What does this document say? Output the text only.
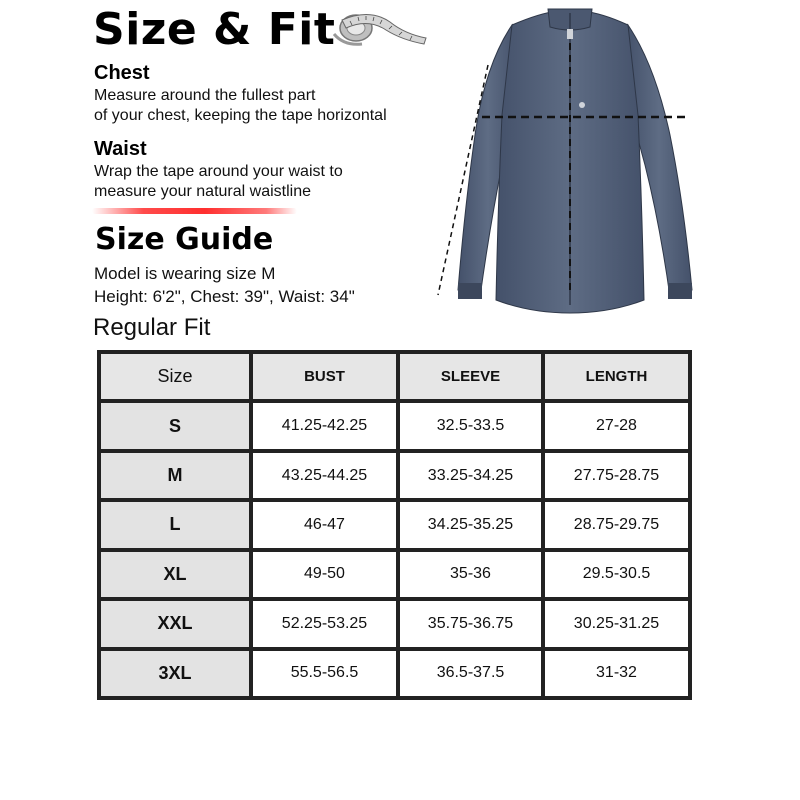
Size & Fit
Chest
Measure around the fullest part
of your chest, keeping the tape horizontal
Waist
Wrap the tape around your waist to
measure your natural waistline
Size Guide
Model is wearing size M
Height: 6'2", Chest: 39", Waist: 34"
Regular Fit
Size	BUST	SLEEVE	LENGTH
S	41.25-42.25	32.5-33.5	27-28
M	43.25-44.25	33.25-34.25	27.75-28.75
L	46-47	34.25-35.25	28.75-29.75
XL	49-50	35-36	29.5-30.5
XXL	52.25-53.25	35.75-36.75	30.25-31.25
3XL	55.5-56.5	36.5-37.5	31-32
